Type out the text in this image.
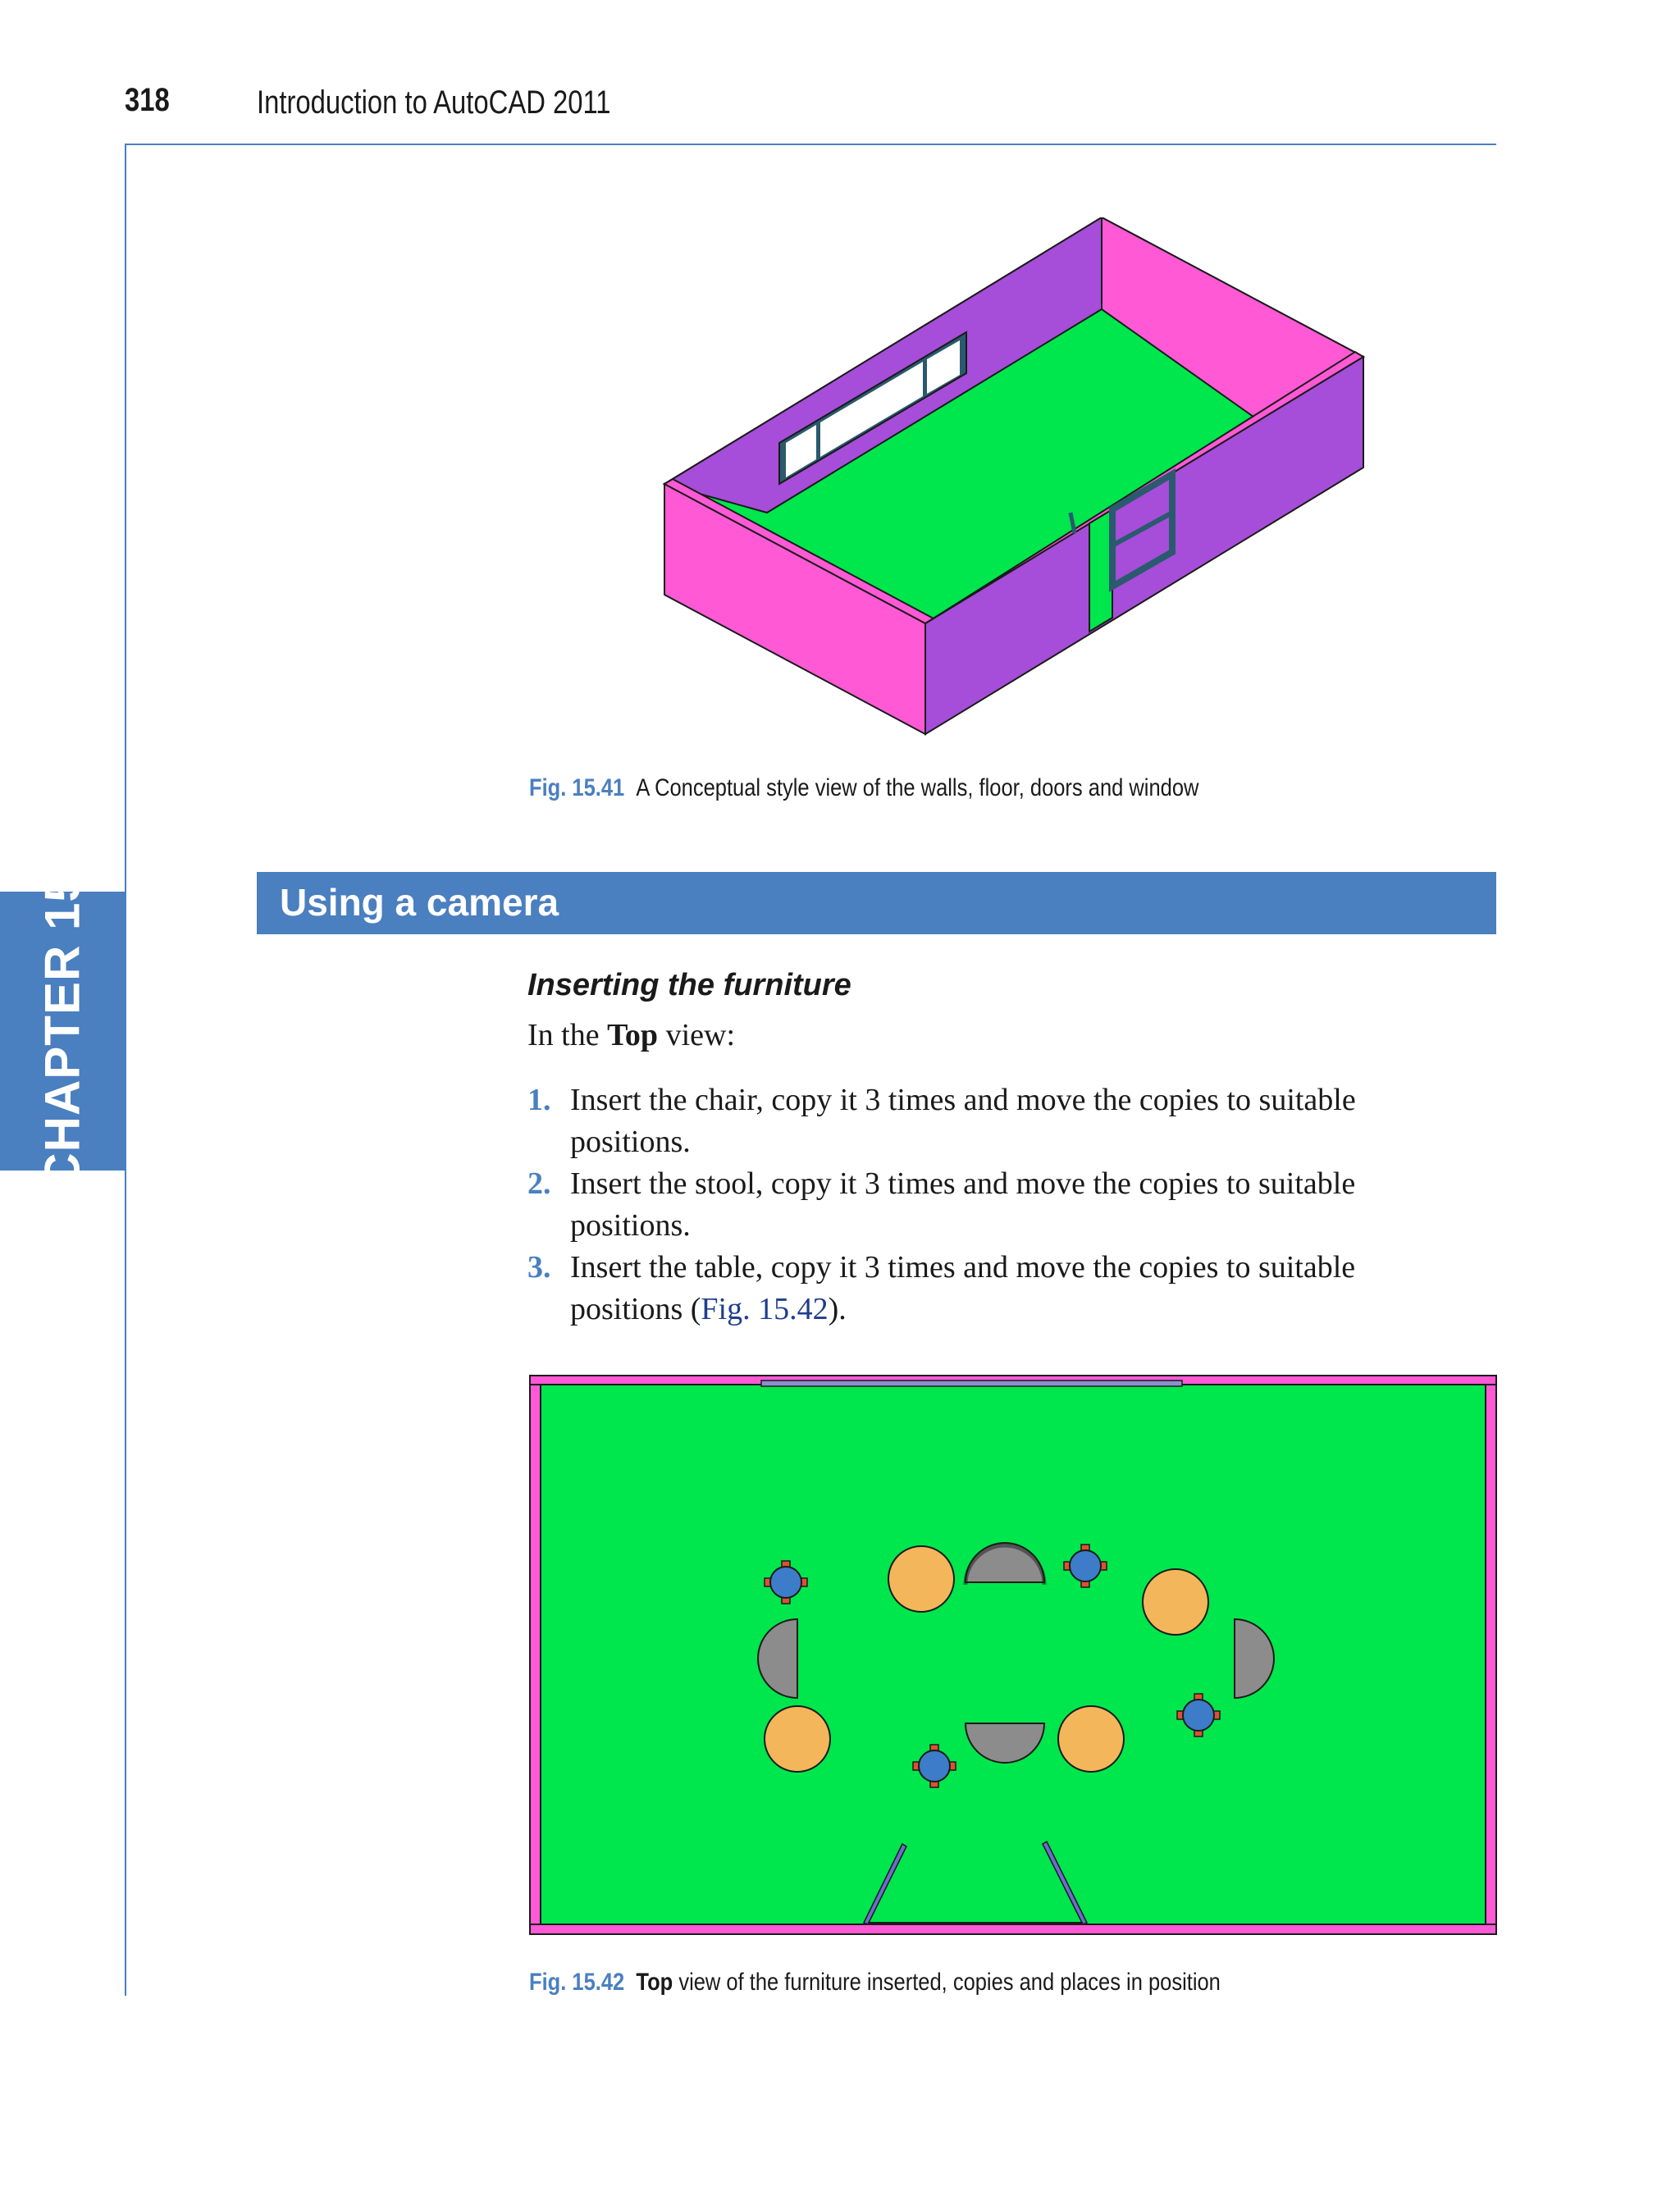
318	Introduction to AutoCAD 2011
CHAPTER 15
Fig. 15.41 A Conceptual style view of the walls, floor, doors and window
Using a camera
Inserting the furniture
In the Top view:
1. Insert the chair, copy it 3 times and move the copies to suitable positions.
2. Insert the stool, copy it 3 times and move the copies to suitable positions.
3. Insert the table, copy it 3 times and move the copies to suitable positions (Fig. 15.42).
Fig. 15.42 Top view of the furniture inserted, copies and places in position
